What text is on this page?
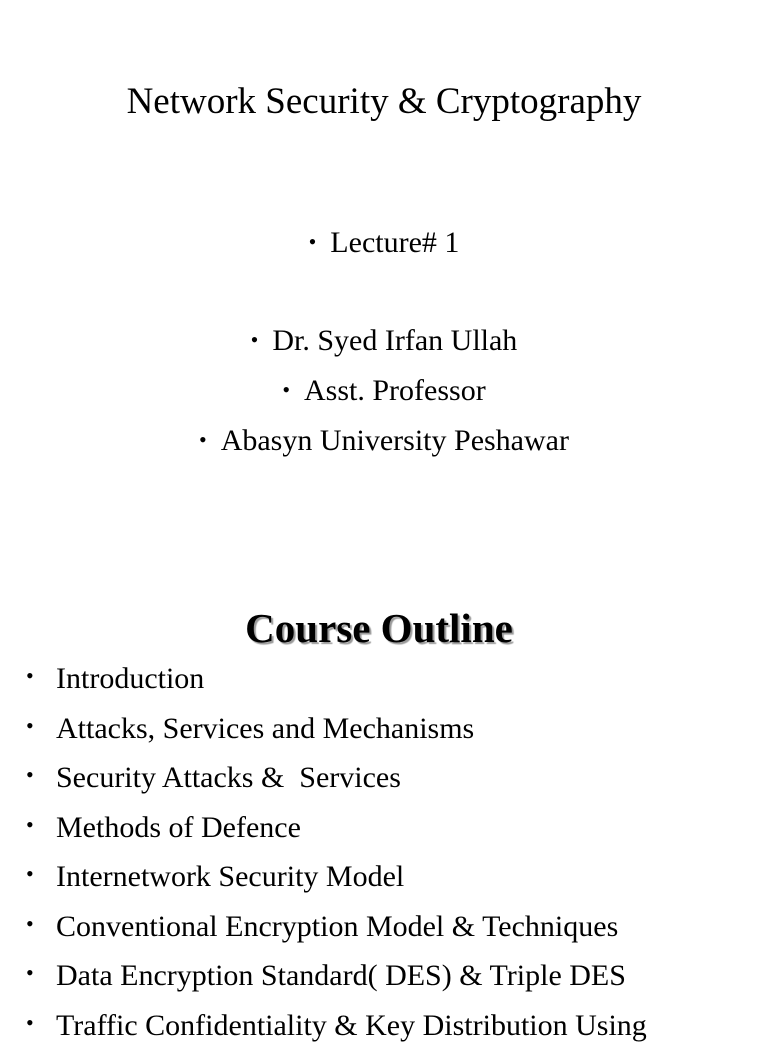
Network Security & Cryptography
• Lecture# 1
• Dr. Syed Irfan Ullah
• Asst. Professor
• Abasyn University Peshawar
Course Outline
• Introduction
• Attacks, Services and Mechanisms
• Security Attacks &  Services
• Methods of Defence
• Internetwork Security Model
• Conventional Encryption Model & Techniques
• Data Encryption Standard( DES) & Triple DES
• Traffic Confidentiality & Key Distribution Using
